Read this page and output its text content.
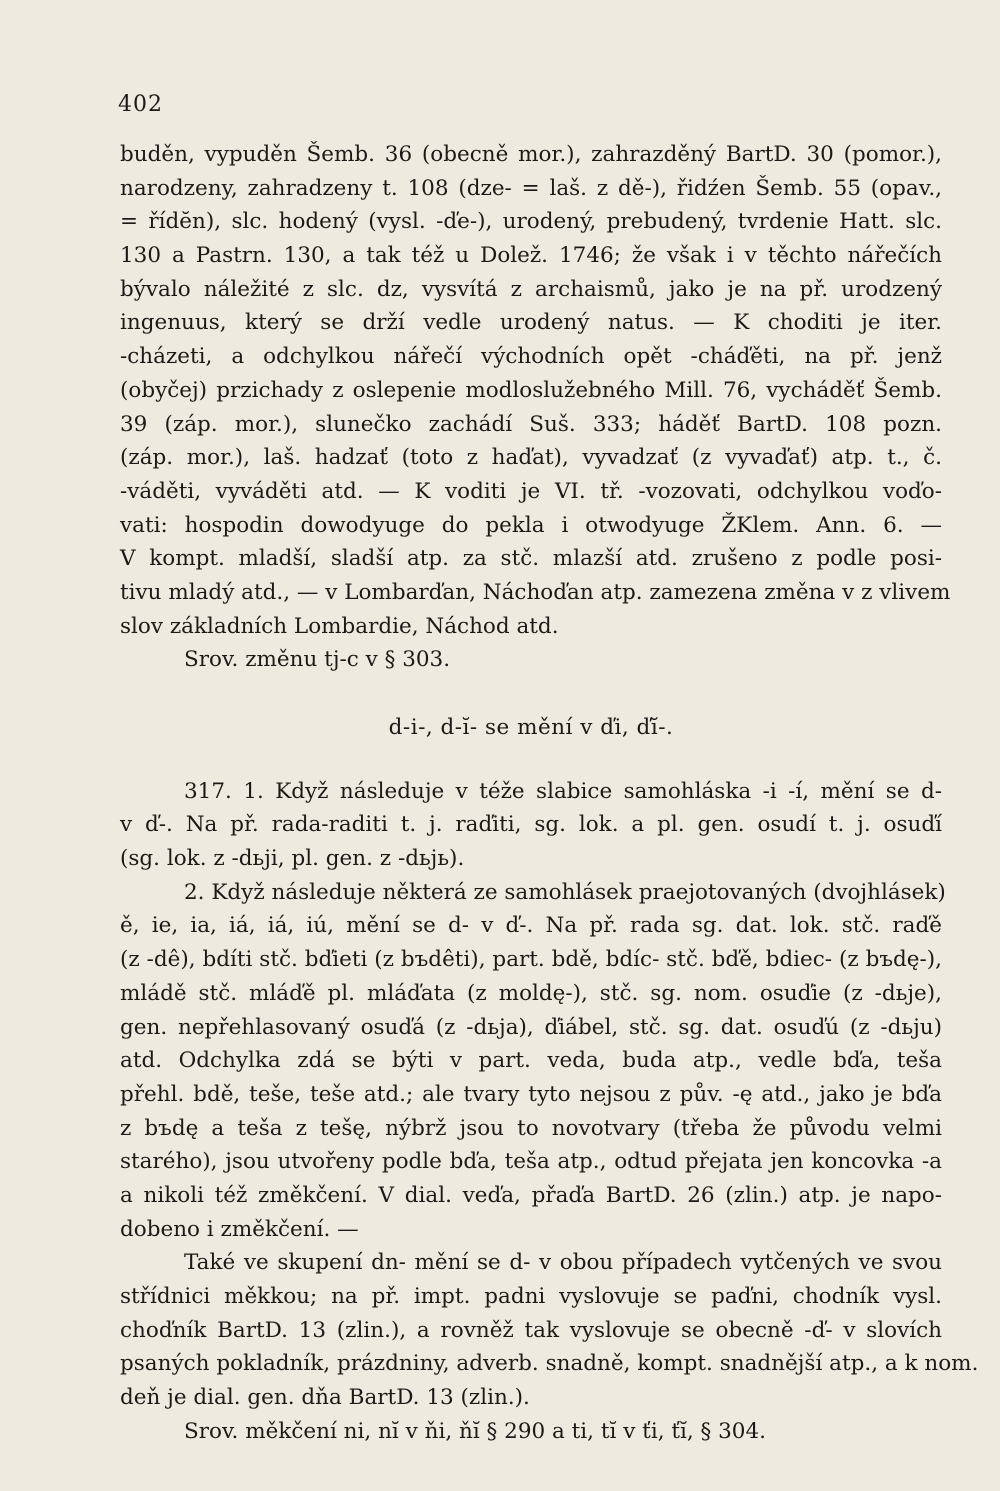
402
buděn, vypuděn Šemb. 36 (obecně mor.), zahrazděný BartD. 30 (pomor.),
narodzeny, zahradzeny t. 108 (dze- = laš. z dě-), řidźen Šemb. 55 (opav.,
= řídĕn), slc. hodený (vysl. -ďe-), urodený, prebudený, tvrdenie Hatt. slc.
130 a Pastrn. 130, a tak též u Dolež. 1746; že však i v těchto nářečích
bývalo náležité z slc. dz, vysvítá z archaismů, jako je na př. urodzený
ingenuus, který se drží vedle urodený natus. — K choditi je iter.
-cházeti, a odchylkou nářečí východních opět -cháďěti, na př. jenž
(obyčej) przichady z oslepenie modloslužebného Mill. 76, vycháděť Šemb.
39 (záp. mor.), slunečko zachádí Suš. 333; háděť BartD. 108 pozn.
(záp. mor.), laš. hadzať (toto z haďat), vyvadzať (z vyvaďať) atp. t., č.
-váděti, vyváděti atd. — K voditi je VI. tř. -vozovati, odchylkou voďo-
vati: hospodin dowodyuge do pekla i otwodyuge ŽKlem. Ann. 6. —
V kompt. mladší, sladší atp. za stč. mlazší atd. zrušeno z podle posi-
tivu mladý atd., — v Lombarďan, Náchoďan atp. zamezena změna v z vlivem
slov základních Lombardie, Náchod atd.
Srov. změnu tj-c v § 303.
d-i-, d-ĭ- se mění v ďi, ďĭ-.
317. 1. Když následuje v téže slabice samohláska -i -í, mění se d-
v ď-. Na př. rada-raditi t. j. raďiti, sg. lok. a pl. gen. osudí t. j. osuďí
(sg. lok. z -dьji, pl. gen. z -dьjь).
2. Když následuje některá ze samohlásek praejotovaných (dvojhlásek)
ě, ie, ia, iá, iá, iú, mění se d- v ď-. Na př. rada sg. dat. lok. stč. raďě
(z -dê), bdíti stč. bďieti (z bъdêti), part. bdě, bdíc- stč. bďě, bdiec- (z bъdę-),
mládě stč. mláďě pl. mláďata (z moldę-), stč. sg. nom. osuďie (z -dьje),
gen. nepřehlasovaný osuďá (z -dьja), ďiábel, stč. sg. dat. osuďú (z -dьju)
atd. Odchylka zdá se býti v part. veda, buda atp., vedle bďa, teša
přehl. bdě, teše, teše atd.; ale tvary tyto nejsou z pův. -ę atd., jako je bďa
z bъdę a teša z tešę, nýbrž jsou to novotvary (třeba že původu velmi
starého), jsou utvořeny podle bďa, teša atp., odtud přejata jen koncovka -a
a nikoli též změkčení. V dial. veďa, přaďa BartD. 26 (zlin.) atp. je napo-
dobeno i změkčení. —
Také ve skupení dn- mění se d- v obou případech vytčených ve svou
střídnici měkkou; na př. impt. padni vyslovuje se paďni, chodník vysl.
choďník BartD. 13 (zlin.), a rovněž tak vyslovuje se obecně -ď- v slovích
psaných pokladník, prázdniny, adverb. snadně, kompt. snadnější atp., a k nom.
deň je dial. gen. dňa BartD. 13 (zlin.).
Srov. měkčení ni, nĭ v ňi, ňĭ § 290 a ti, tĭ v ťi, ťĭ, § 304.
